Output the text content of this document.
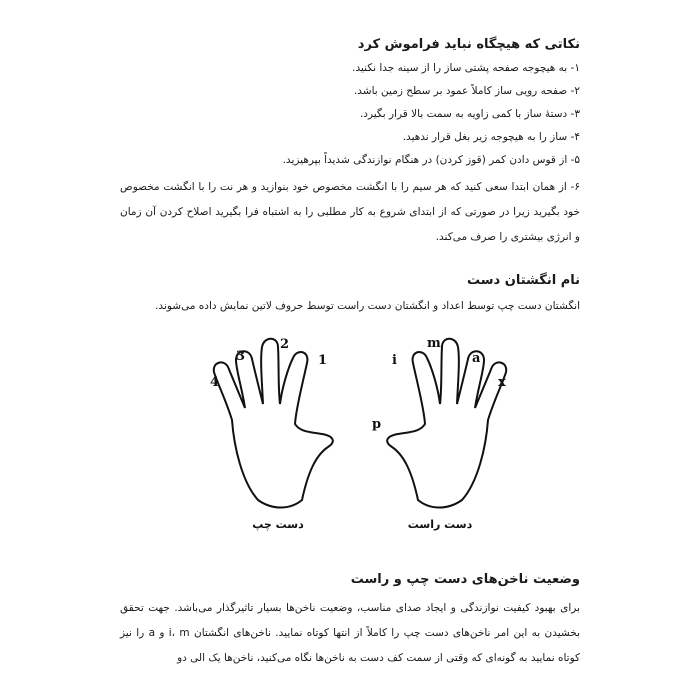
نکاتی که هیچگاه نباید فراموش کرد

۱- به هیچوجه صفحه پشتی ساز را از سینه جدا نکنید.

۲- صفحه رویی ساز کاملاً عمود بر سطح زمین باشد.

۳- دستهٔ ساز با کمی زاویه به سمت بالا قرار بگیرد.

۴- ساز را به هیچوجه زیر بغل قرار ندهید.

۵- از قوس دادن کمر (قوز کردن) در هنگام نوازندگی شدیداً بپرهیزید.

۶- از همان ابتدا سعی کنید که هر سیم را با انگشت مخصوص خود بنوازید و هر نت را با انگشت مخصوص خود بگیرید زیرا در صورتی که از ابتدای شروع به کار مطلبی را به اشتباه فرا بگیرید اصلاح کردن آن زمان و انرژی بیشتری را صرف می‌کند.

نام انگشتان دست

انگشتان دست چپ توسط اعداد و انگشتان دست راست توسط حروف لاتین نمایش داده می‌شوند.

1
2
3
4
p
i
m
a
x
دست چپ	دست راست
وضعیت ناخن‌های دست چپ و راست

برای بهبود کیفیت نوازندگی و ایجاد صدای مناسب، وضعیت ناخن‌ها بسیار تاثیرگذار می‌باشد. جهت تحقق بخشیدن به این امر ناخن‌های دست چپ را کاملاً از انتها کوتاه نمایید. ناخن‌های انگشتان i، m و a را نیز کوتاه نمایید به گونه‌ای که وقتی از سمت کف دست به ناخن‌ها نگاه می‌کنید، ناخن‌ها یک الی دو
